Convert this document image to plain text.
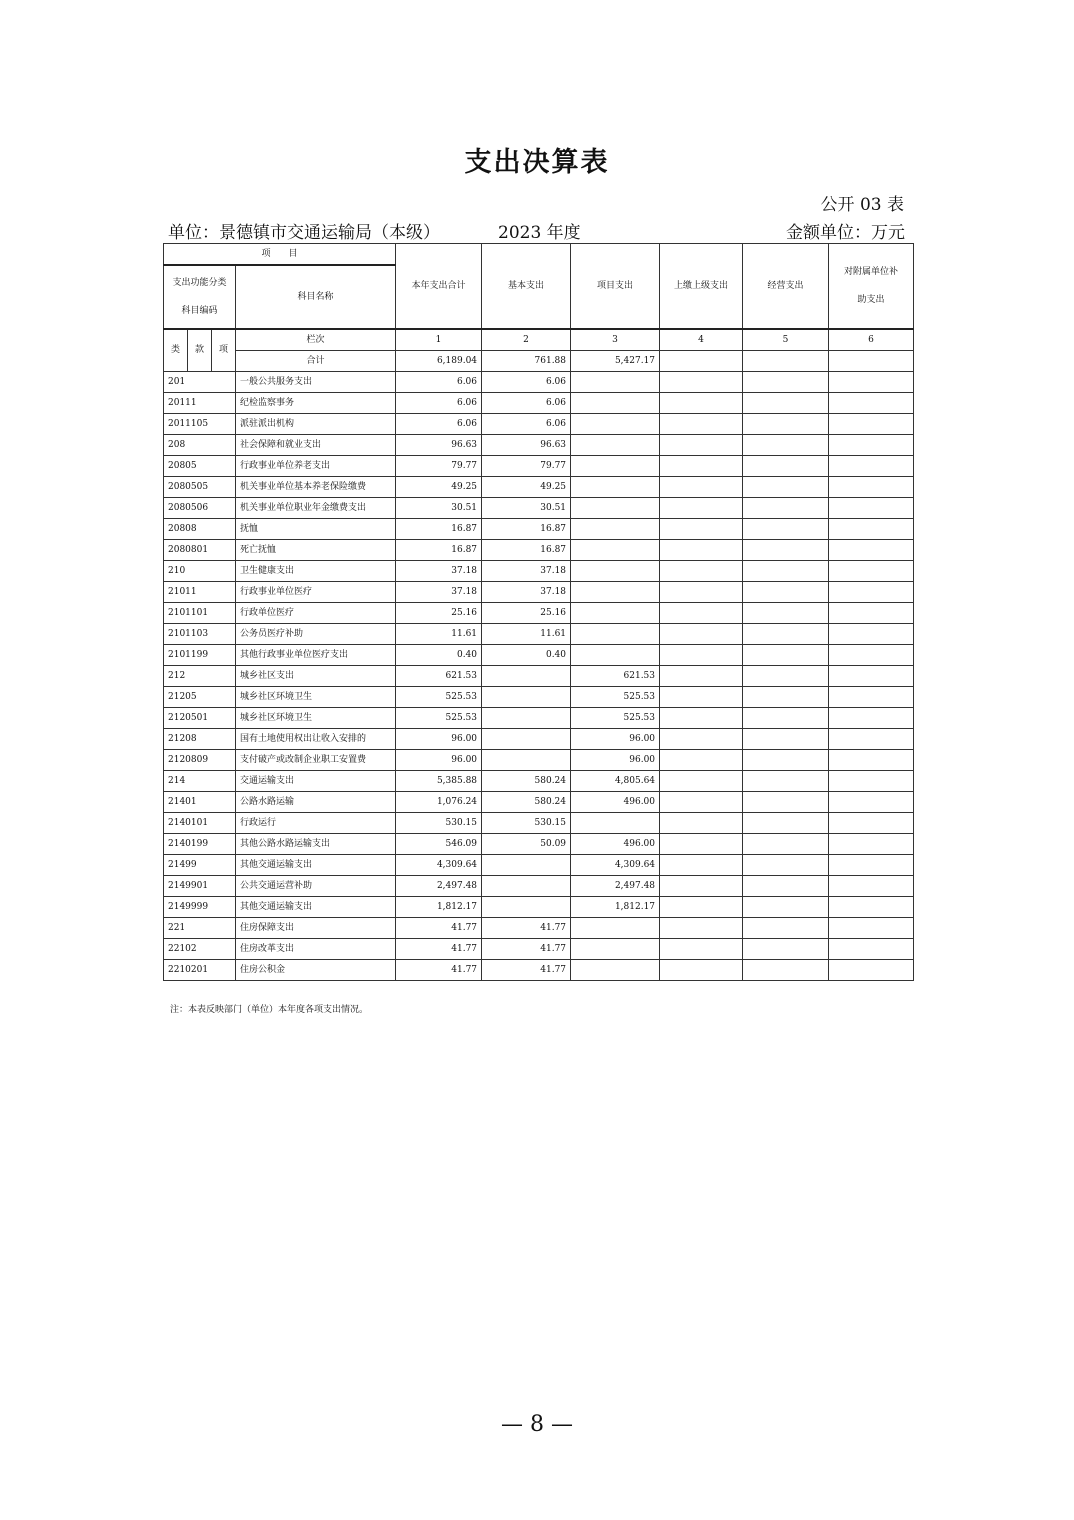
支出决算表
公开 03 表
单位：景德镇市交通运输局（本级）	2023 年度	金额单位：万元
项　　目				本年支出合计	基本支出	项目支出	上缴上级支出	经营支出	对附属单位补
助支出

支出功能分类
科目编码			科目名称						

类	款	项	栏次	1	2	3	4	5	6
			合计	6,189.04	761.88	5,427.17			
201			一般公共服务支出	6.06	6.06				
20111			纪检监察事务	6.06	6.06				
2011105			派驻派出机构	6.06	6.06				
208			社会保障和就业支出	96.63	96.63				
20805			行政事业单位养老支出	79.77	79.77				
2080505			机关事业单位基本养老保险缴费	49.25	49.25				
2080506			机关事业单位职业年金缴费支出	30.51	30.51				
20808			抚恤	16.87	16.87				
2080801			死亡抚恤	16.87	16.87				
210			卫生健康支出	37.18	37.18				
21011			行政事业单位医疗	37.18	37.18				
2101101			行政单位医疗	25.16	25.16				
2101103			公务员医疗补助	11.61	11.61				
2101199			其他行政事业单位医疗支出	0.40	0.40				
212			城乡社区支出	621.53		621.53			
21205			城乡社区环境卫生	525.53		525.53			
2120501			城乡社区环境卫生	525.53		525.53			
21208			国有土地使用权出让收入安排的	96.00		96.00			
2120809			支付破产或改制企业职工安置费	96.00		96.00			
214			交通运输支出	5,385.88	580.24	4,805.64			
21401			公路水路运输	1,076.24	580.24	496.00			
2140101			行政运行	530.15	530.15				
2140199			其他公路水路运输支出	546.09	50.09	496.00			
21499			其他交通运输支出	4,309.64		4,309.64			
2149901			公共交通运营补助	2,497.48		2,497.48			
2149999			其他交通运输支出	1,812.17		1,812.17			
221			住房保障支出	41.77	41.77				
22102			住房改革支出	41.77	41.77				
2210201			住房公积金	41.77	41.77				
注：本表反映部门（单位）本年度各项支出情况。
— 8 —
